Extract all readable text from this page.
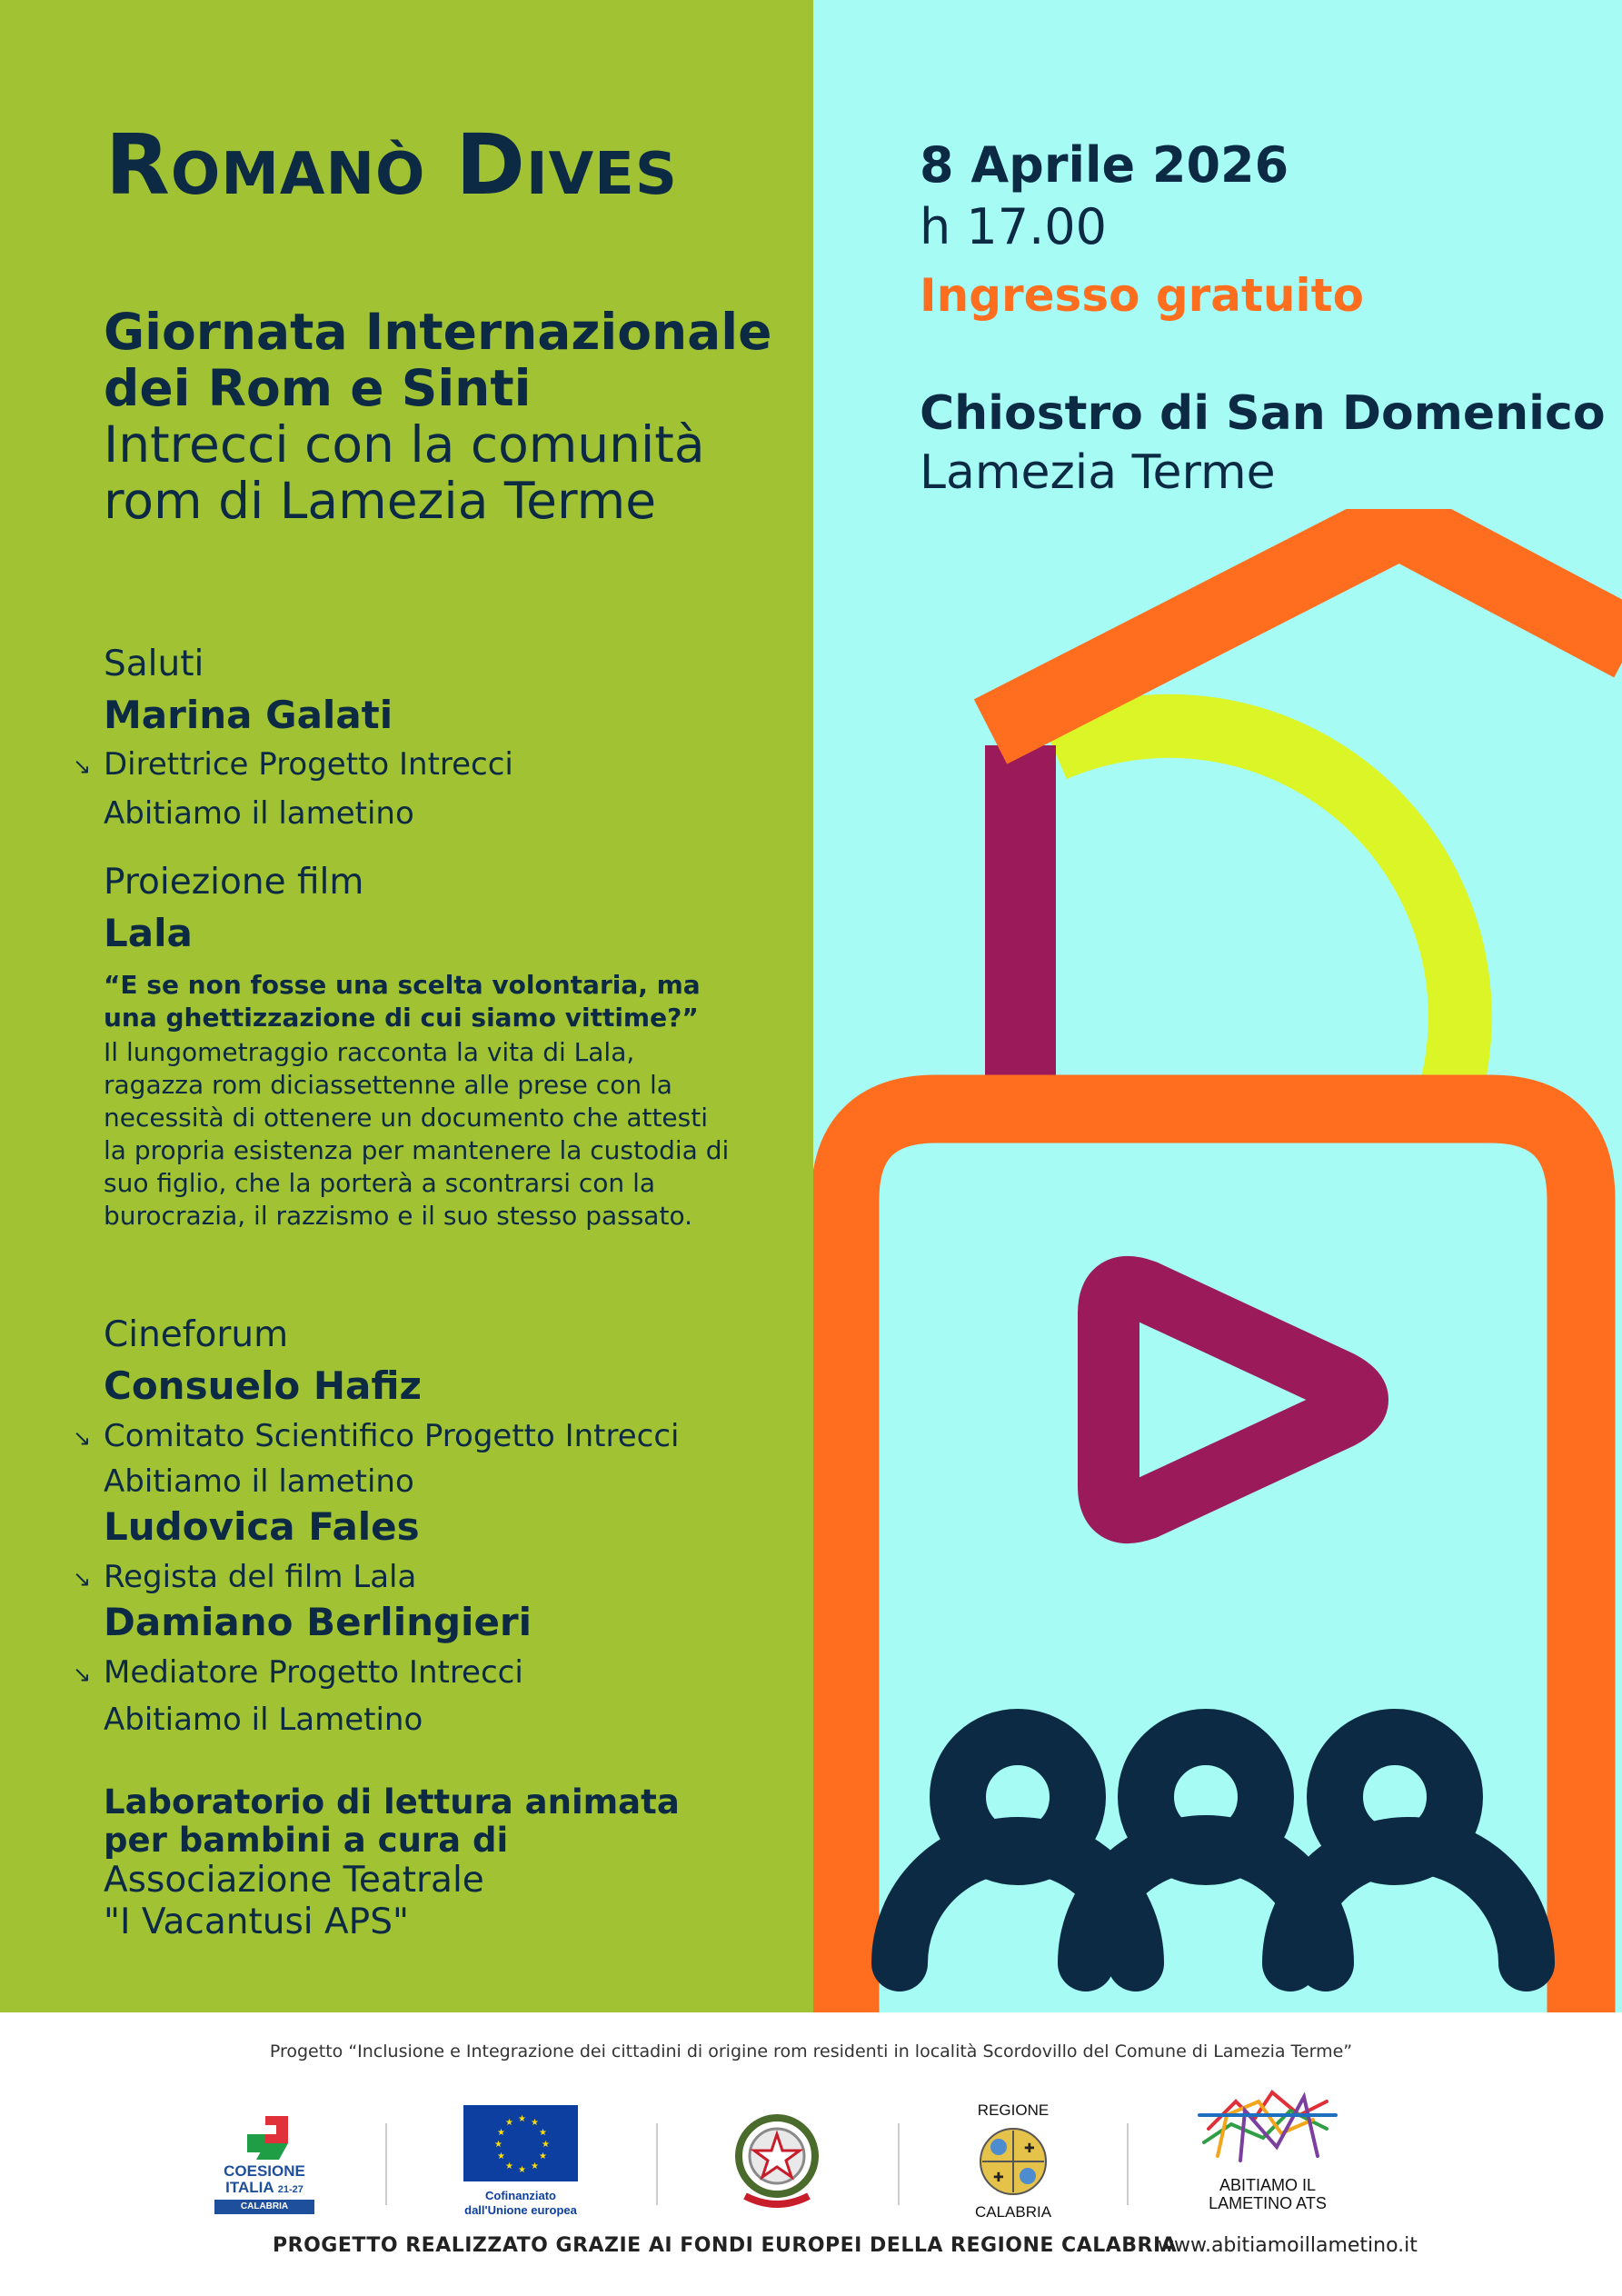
Romanò Dives
Giornata Internazionale
dei Rom e Sinti
Intrecci con la comunità
rom di Lamezia Terme
Saluti
Marina Galati
↘ Direttrice Progetto Intrecci
Abitiamo il lametino
Proiezione film
Lala
“E se non fosse una scelta volontaria, ma una ghettizzazione di cui siamo vittime?”
Il lungometraggio racconta la vita di Lala, ragazza rom diciassettenne alle prese con la necessità di ottenere un documento che attesti la propria esistenza per mantenere la custodia di suo figlio, che la porterà a scontrarsi con la burocrazia, il razzismo e il suo stesso passato.
Cineforum
Consuelo Hafiz
↘ Comitato Scientifico Progetto Intrecci
Abitiamo il lametino
Ludovica Fales
↘ Regista del film Lala
Damiano Berlingieri
↘ Mediatore Progetto Intrecci
Abitiamo il Lametino
Laboratorio di lettura animata
per bambini a cura di
Associazione Teatrale
"I Vacantusi APS"
8 Aprile 2026
h 17.00
Ingresso gratuito
Chiostro di San Domenico
Lamezia Terme
Progetto “Inclusione e Integrazione dei cittadini di origine rom residenti in località Scordovillo del Comune di Lamezia Terme”
COESIONE
ITALIA 21-27
CALABRIA
★ ★
★
★
★
★
★
★
★
★
★
★
Cofinanziato
dall'Unione europea
REGIONE
✚
✚
CALABRIA
ABITIAMO IL
LAMETINO ATS
PROGETTO REALIZZATO GRAZIE AI FONDI EUROPEI DELLA REGIONE CALABRIA
www.abitiamoillametino.it
